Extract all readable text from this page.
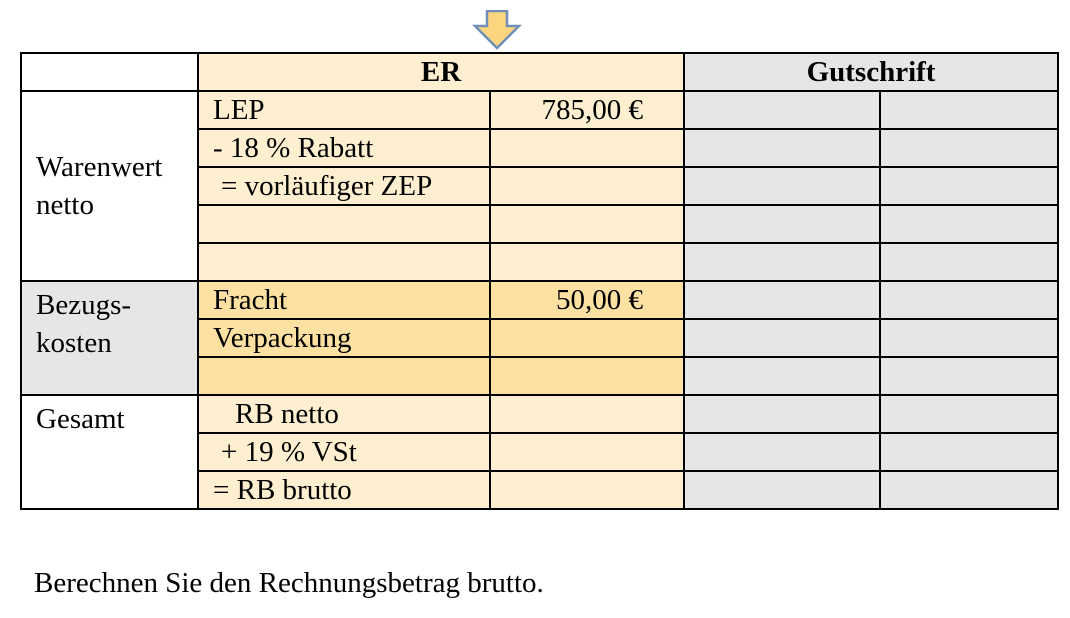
	ER		Gutschrift	
Warenwert netto	LEP	785,00 €		
	- 18 % Rabatt			
	= vorläufiger ZEP			

Bezugs-kosten	Fracht	50,00 €		
	Verpackung			

Gesamt	RB netto			
	+ 19 % VSt			
	= RB brutto			
Berechnen Sie den Rechnungsbetrag brutto.
